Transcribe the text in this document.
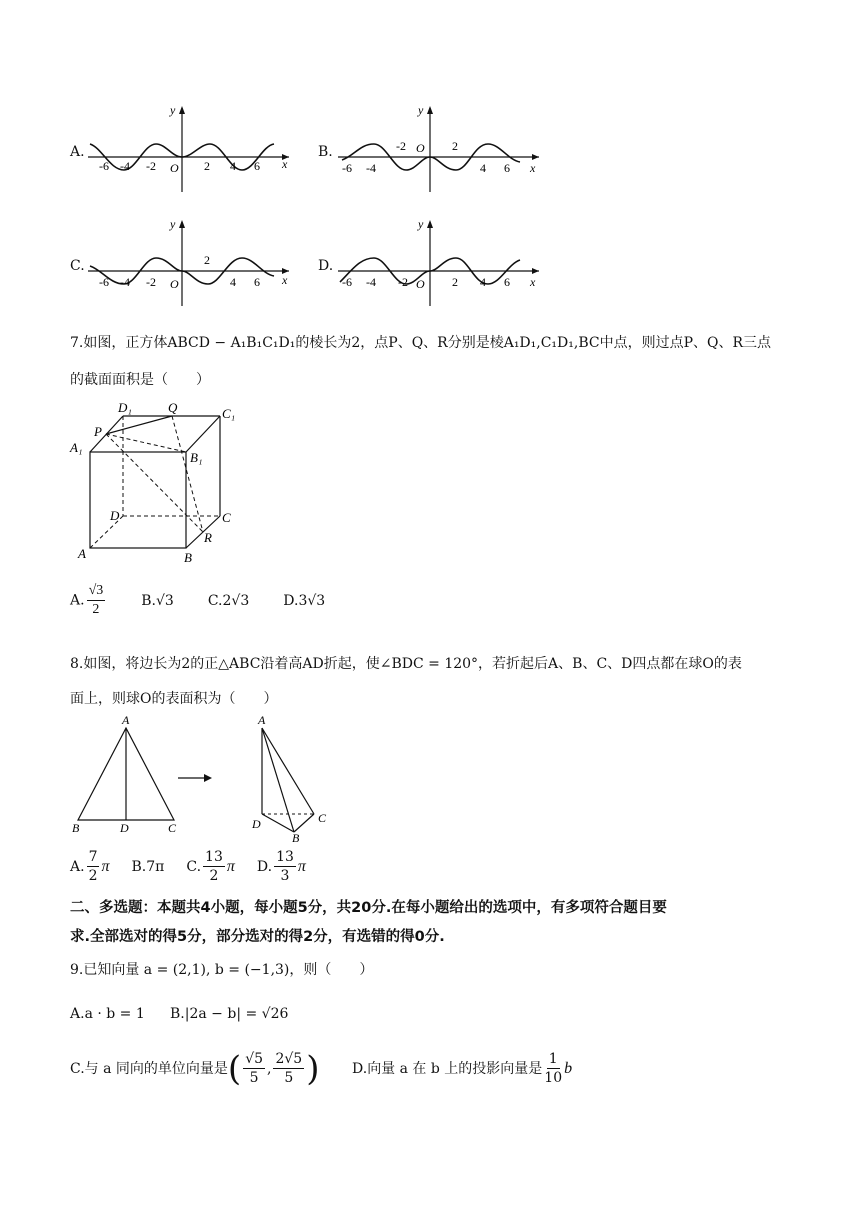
A.
-6 -4 -2 O 2 4 6 x
y
B.
-6 -4
-2 O 2
4 6 x
y
C.
-6 -4 -2 O
2
4 6 x
y
D.
-6 -4 -2 O 2 4 6 x
y
7.如图，正方体ABCD − A₁B₁C₁D₁的棱长为2，点P、Q、R分别是棱A₁D₁,C₁D₁,BC中点，则过点P、Q、R三点
的截面面积是（　　）
D₁	Q	C₁
P
A₁
B₁
D	C
R
A	B
A. $\frac{√3}{2}$	B.√3 C.2√3 D.3√3
8.如图，将边长为2的正△ABC沿着高AD折起，使∠BDC = 120°，若折起后A、B、C、D四点都在球O的表
面上，则球O的表面积为（　　）
A
B	D	C
A
D	C
B
A. $\frac{7}{2}$ π B.7π C. $\frac{13}{2}$ π D. $\frac{13}{3}$ π
二、多选题：本题共4小题，每小题5分，共20分.在每小题给出的选项中，有多项符合题目要
求.全部选对的得5分，部分选对的得2分，有选错的得0分.
9.已知向量 a = (2,1), b = (−1,3)，则（　　）
A.a · b = 1 B.|2a − b| = √26
C. 与 a 同向的单位向量是 ( $\frac{√5}{5}$ , $\frac{2√5}{5}$ ) D. 向量 a 在 b 上的投影向量是 $\frac{1}{10}$ b
